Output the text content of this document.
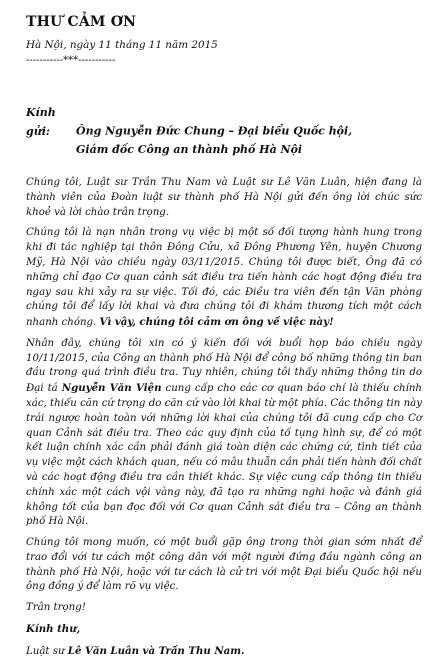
THƯ CẢM ƠN

Hà Nội, ngày 11 tháng 11 năm 2015

-----------***-----------

Kính gửi: Ông Nguyễn Đức Chung – Đại biểu Quốc hội,
Giám đốc Công an thành phố Hà Nội

Chúng tôi, Luật sư Trần Thu Nam và Luật sư Lê Văn Luân, hiện đang là thành viên của Đoàn luật sư thành phố Hà Nội gửi đến ông lời chúc sức khoẻ và lời chào trân trọng.

Chúng tôi là nạn nhân trong vụ việc bị một số đối tượng hành hung trong khi đi tác nghiệp tại thôn Đông Cửu, xã Đông Phương Yên, huyện Chương Mỹ, Hà Nội vào chiều ngày 03/11/2015. Chúng tôi được biết, Ông đã có những chỉ đạo Cơ quan cảnh sát điều tra tiến hành các hoạt động điều tra ngay sau khi xảy ra sự việc. Tối đó, các Điều tra viên đến tận Văn phòng chúng tôi để lấy lời khai và đưa chúng tôi đi khám thương tích một cách nhanh chóng. Vì vậy, chúng tôi cảm ơn ông về việc này!

Nhân đây, chúng tôi xin có ý kiến đối với buổi họp báo chiều ngày 10/11/2015, của Công an thành phố Hà Nội để công bố những thông tin ban đầu trong quá trình điều tra. Tuy nhiên, chúng tôi thấy những thông tin do Đại tá Nguyễn Văn Viện cung cấp cho các cơ quan báo chí là thiếu chính xác, thiếu căn cứ trọng do căn cứ vào lời khai từ một phía. Các thông tin này trái ngược hoàn toàn với những lời khai của chúng tôi đã cung cấp cho Cơ quan Cảnh sát điều tra. Theo các quy định của tố tụng hình sự, để có một kết luận chính xác cần phải đánh giá toàn diện các chứng cứ, tình tiết của vụ việc một cách khách quan, nếu có mâu thuẫn cần phải tiến hành đối chất và các hoạt động điều tra cần thiết khác. Sự việc cung cấp thông tin thiếu chính xác một cách vội vàng này, đã tạo ra những nghi hoặc và đánh giá không tốt của bạn đọc đối với Cơ quan Cảnh sát điều tra – Công an thành phố Hà Nội.

Chúng tôi mong muốn, có một buổi gặp ông trong thời gian sớm nhất để trao đổi với tư cách một công dân với một người đứng đầu ngành công an thành phố Hà Nội, hoặc với tư cách là cử tri với một Đại biểu Quốc hội nếu ông đồng ý để làm rõ vụ việc.

Trân trọng!

Kính thư,

Luật sư Lê Văn Luân và Trần Thu Nam.
